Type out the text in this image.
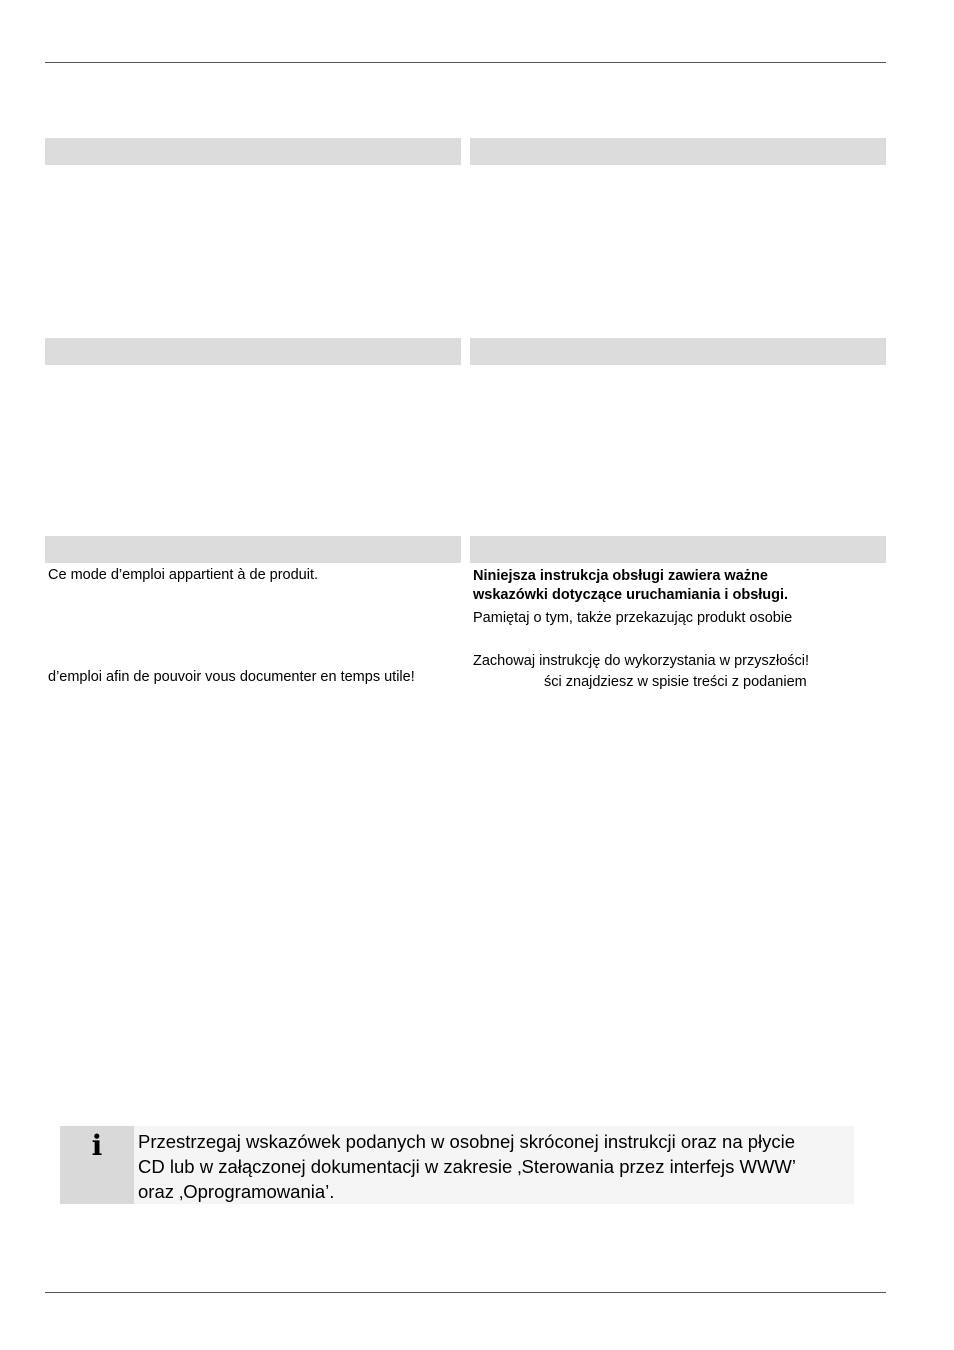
Ce mode d’emploi appartient à de produit.
d’emploi afin de pouvoir vous documenter en temps utile!
Niniejsza instrukcja obsługi zawiera ważne
wskazówki dotyczące uruchamiania i obsługi.
Pamiętaj o tym, także przekazując produkt osobie
Zachowaj instrukcję do wykorzystania w przyszłości!
ści znajdziesz w spisie treści z podaniem
i	Przestrzegaj wskazówek podanych w osobnej skróconej instrukcji oraz na płycie
CD lub w załączonej dokumentacji w zakresie ‚Sterowania przez interfejs WWW’
oraz ‚Oprogramowania’.
